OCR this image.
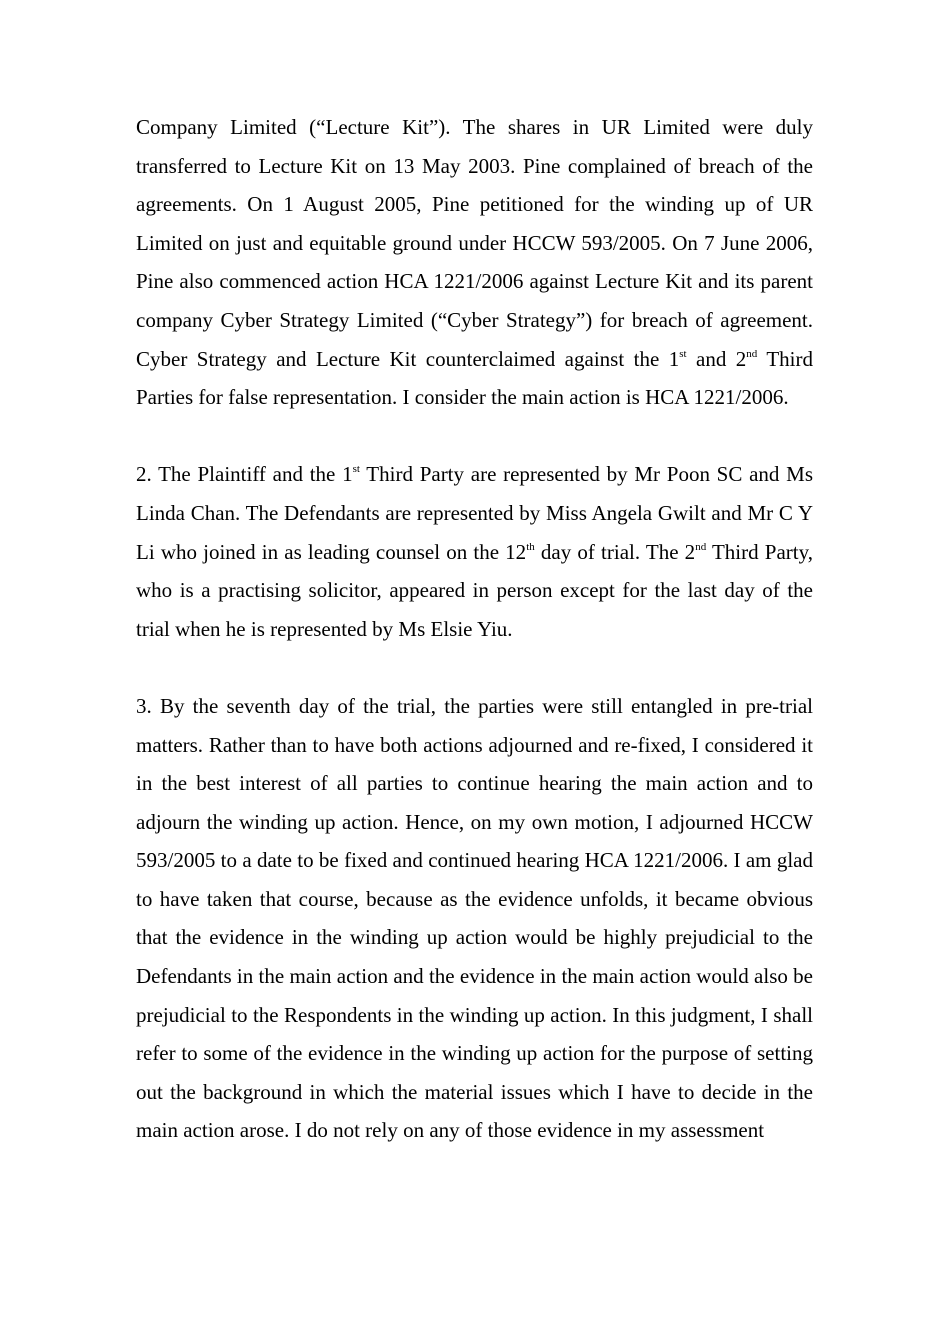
Company Limited (“Lecture Kit”). The shares in UR Limited were duly transferred to Lecture Kit on 13 May 2003. Pine complained of breach of the agreements. On 1 August 2005, Pine petitioned for the winding up of UR Limited on just and equitable ground under HCCW 593/2005. On 7 June 2006, Pine also commenced action HCA 1221/2006 against Lecture Kit and its parent company Cyber Strategy Limited (“Cyber Strategy”) for breach of agreement. Cyber Strategy and Lecture Kit counterclaimed against the 1st and 2nd Third Parties for false representation. I consider the main action is HCA 1221/2006.

2. The Plaintiff and the 1st Third Party are represented by Mr Poon SC and Ms Linda Chan. The Defendants are represented by Miss Angela Gwilt and Mr C Y Li who joined in as leading counsel on the 12th day of trial. The 2nd Third Party, who is a practising solicitor, appeared in person except for the last day of the trial when he is represented by Ms Elsie Yiu.

3. By the seventh day of the trial, the parties were still entangled in pre-trial matters. Rather than to have both actions adjourned and re-fixed, I considered it in the best interest of all parties to continue hearing the main action and to adjourn the winding up action. Hence, on my own motion, I adjourned HCCW 593/2005 to a date to be fixed and continued hearing HCA 1221/2006. I am glad to have taken that course, because as the evidence unfolds, it became obvious that the evidence in the winding up action would be highly prejudicial to the Defendants in the main action and the evidence in the main action would also be prejudicial to the Respondents in the winding up action. In this judgment, I shall refer to some of the evidence in the winding up action for the purpose of setting out the background in which the material issues which I have to decide in the main action arose. I do not rely on any of those evidence in my assessment
